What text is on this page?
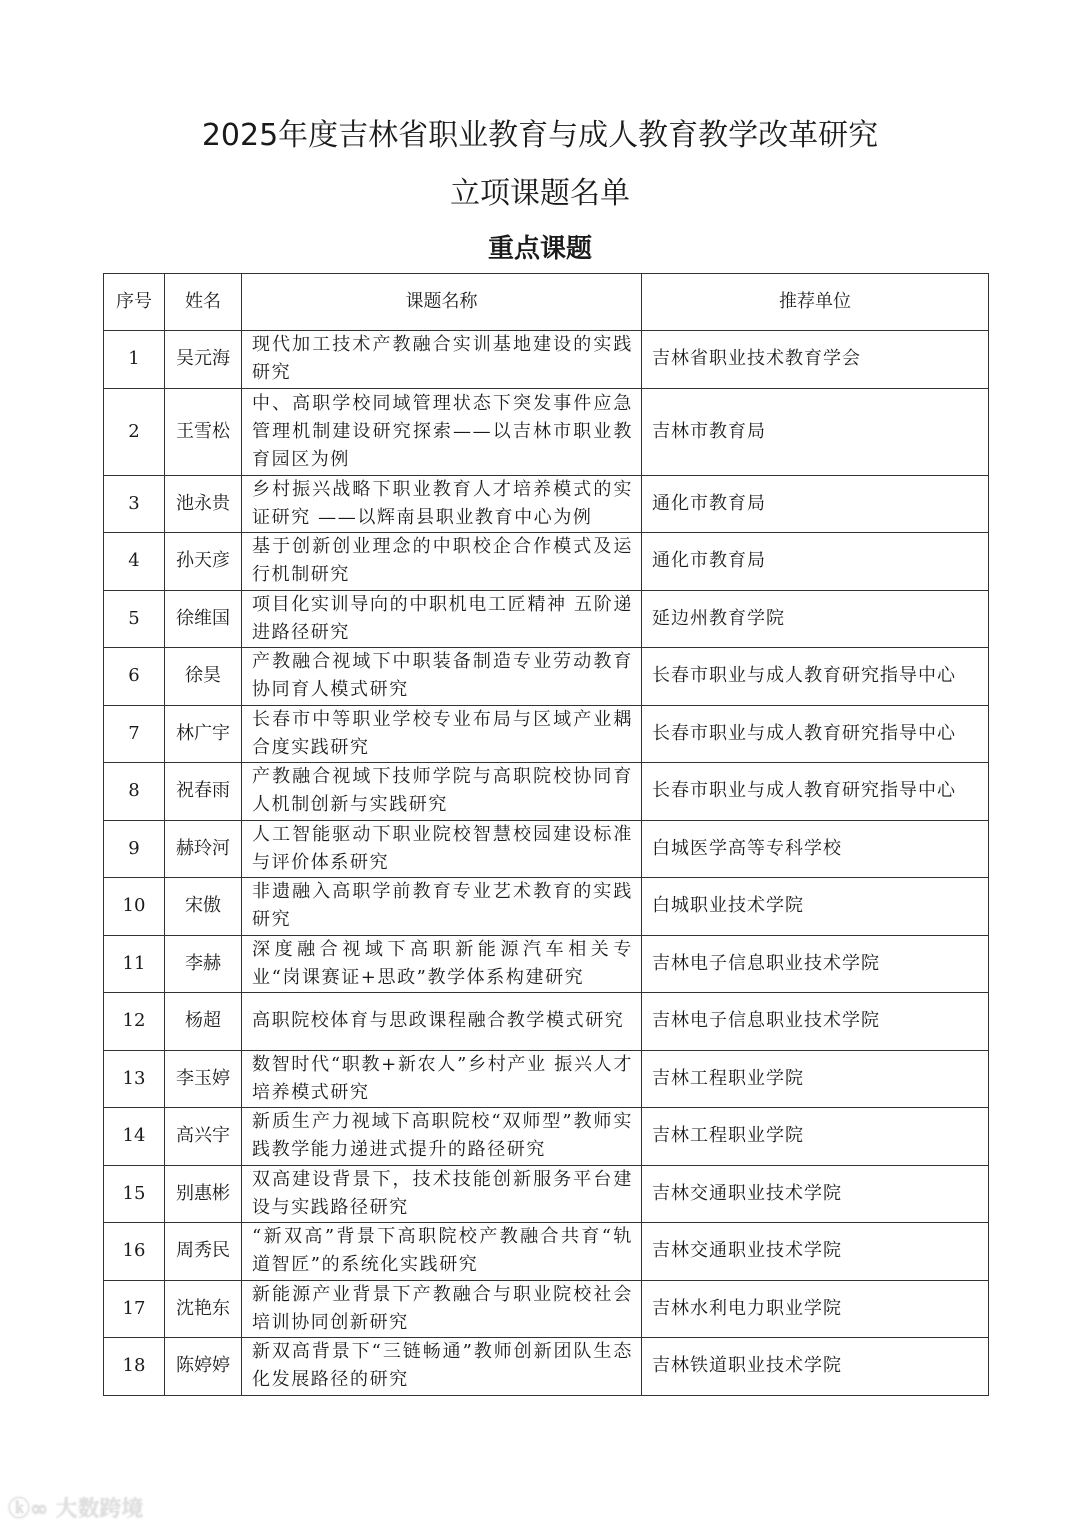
2025年度吉林省职业教育与成人教育教学改革研究
立项课题名单
重点课题
序号	姓名	课题名称	推荐单位
1	吴元海	现代加工技术产教融合实训基地建设的实践研究	吉林省职业技术教育学会
2	王雪松	中、高职学校同域管理状态下突发事件应急管理机制建设研究探索——以吉林市职业教育园区为例	吉林市教育局
3	池永贵	乡村振兴战略下职业教育人才培养模式的实证研究 ——以辉南县职业教育中心为例	通化市教育局
4	孙天彦	基于创新创业理念的中职校企合作模式及运行机制研究	通化市教育局
5	徐维国	项目化实训导向的中职机电工匠精神 五阶递进路径研究	延边州教育学院
6	徐昊	产教融合视域下中职装备制造专业劳动教育协同育人模式研究	长春市职业与成人教育研究指导中心
7	林广宇	长春市中等职业学校专业布局与区域产业耦合度实践研究	长春市职业与成人教育研究指导中心
8	祝春雨	产教融合视域下技师学院与高职院校协同育人机制创新与实践研究	长春市职业与成人教育研究指导中心
9	赫玲河	人工智能驱动下职业院校智慧校园建设标准与评价体系研究	白城医学高等专科学校
10	宋傲	非遗融入高职学前教育专业艺术教育的实践研究	白城职业技术学院
11	李赫	深度融合视域下高职新能源汽车相关专业“岗课赛证+思政”教学体系构建研究	吉林电子信息职业技术学院
12	杨超	高职院校体育与思政课程融合教学模式研究	吉林电子信息职业技术学院
13	李玉婷	数智时代“职教+新农人”乡村产业 振兴人才培养模式研究	吉林工程职业学院
14	高兴宇	新质生产力视域下高职院校“双师型”教师实践教学能力递进式提升的路径研究	吉林工程职业学院
15	别惠彬	双高建设背景下，技术技能创新服务平台建设与实践路径研究	吉林交通职业技术学院
16	周秀民	“新双高”背景下高职院校产教融合共育“轨道智匠”的系统化实践研究	吉林交通职业技术学院
17	沈艳东	新能源产业背景下产教融合与职业院校社会培训协同创新研究	吉林水利电力职业学院
18	陈婷婷	新双高背景下“三链畅通”教师创新团队生态化发展路径的研究	吉林铁道职业技术学院
ⓚ∞ 大数跨境
